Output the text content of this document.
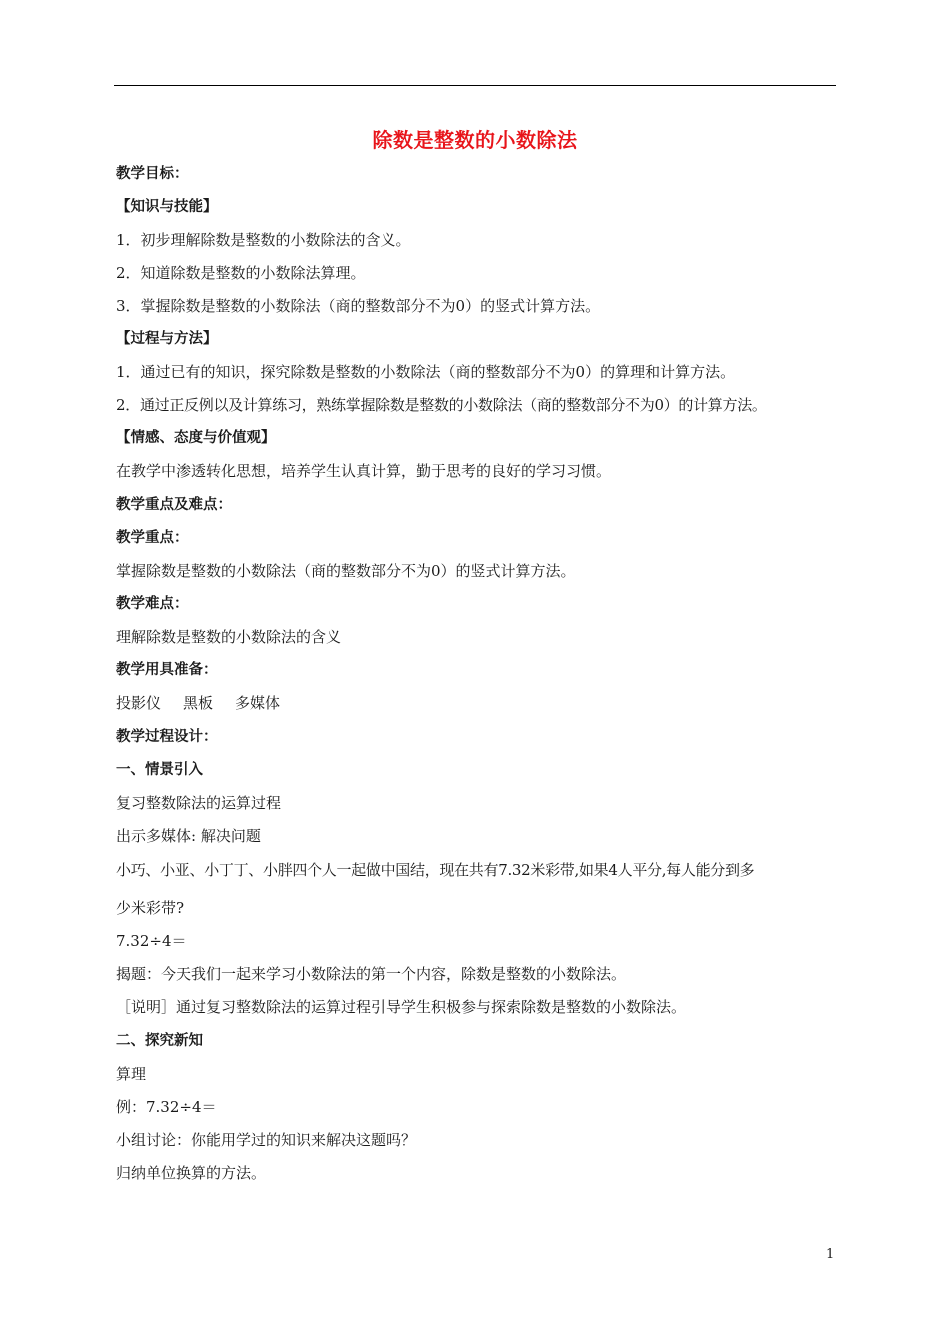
除数是整数的小数除法
教学目标：
【知识与技能】
1．初步理解除数是整数的小数除法的含义。
2．知道除数是整数的小数除法算理。
3．掌握除数是整数的小数除法（商的整数部分不为0）的竖式计算方法。
【过程与方法】
1．通过已有的知识，探究除数是整数的小数除法（商的整数部分不为0）的算理和计算方法。
2．通过正反例以及计算练习，熟练掌握除数是整数的小数除法（商的整数部分不为0）的计算方法。
【情感、态度与价值观】
在教学中渗透转化思想，培养学生认真计算，勤于思考的良好的学习习惯。
教学重点及难点：
教学重点：
掌握除数是整数的小数除法（商的整数部分不为0）的竖式计算方法。
教学难点：
理解除数是整数的小数除法的含义
教学用具准备：
投影仪 黑板 多媒体
教学过程设计：
一、情景引入
复习整数除法的运算过程
出示多媒体: 解决问题
小巧、小亚、小丁丁、小胖四个人一起做中国结，现在共有7.32米彩带,如果4人平分,每人能分到多
少米彩带?
7.32÷4＝
揭题：今天我们一起来学习小数除法的第一个内容，除数是整数的小数除法。
［说明］通过复习整数除法的运算过程引导学生积极参与探索除数是整数的小数除法。
二、探究新知
算理
例：7.32÷4＝
小组讨论：你能用学过的知识来解决这题吗？
归纳单位换算的方法。
1
